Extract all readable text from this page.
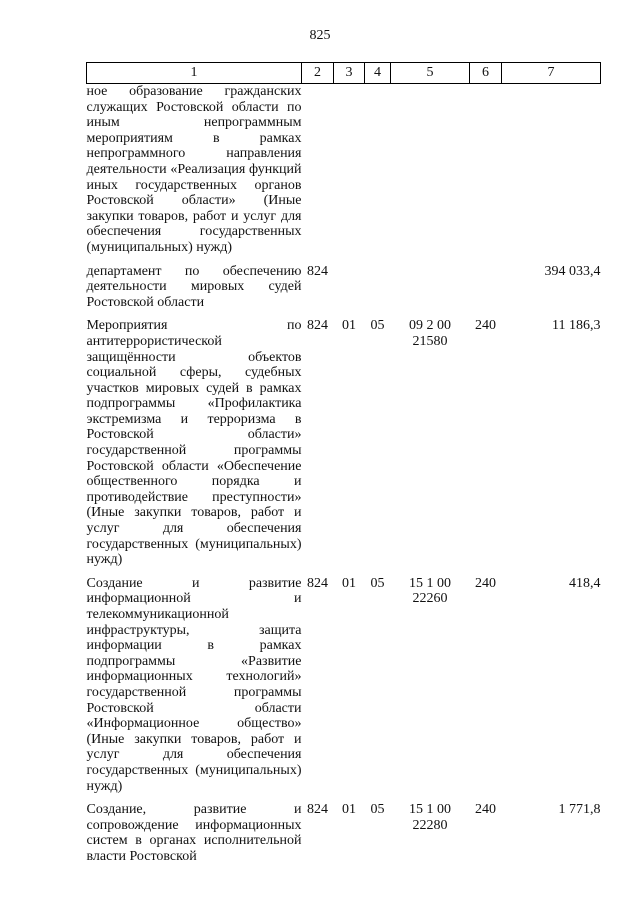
825
1	2	3	4	5	6	7
ное образование гражданских служащих Ростовской области по иным непрограммным мероприятиям в рамках непрограммного направления деятельности «Реализация функций иных государственных органов Ростовской области» (Иные закупки товаров, работ и услуг для обеспечения государственных (муниципальных) нужд)						
департамент по обеспечению деятельности мировых судей Ростовской области	824					394 033,4
Мероприятия по антитеррористической защищённости объектов социальной сферы, судебных участков мировых судей в рамках подпрограммы «Профилактика экстремизма и терроризма в Ростовской области» государственной программы Ростовской области «Обеспечение общественного порядка и противодействие преступности» (Иные закупки товаров, работ и услуг для обеспечения государственных (муниципальных) нужд)	824	01	05	09 2 00 21580	240	11 186,3
Создание и развитие информационной и телекоммуникационной инфраструктуры, защита информации в рамках подпрограммы «Развитие информационных технологий» государственной программы Ростовской области «Информационное общество» (Иные закупки товаров, работ и услуг для обеспечения государственных (муниципальных) нужд)	824	01	05	15 1 00 22260	240	418,4
Создание, развитие и сопровождение информационных систем в органах исполнительной власти Ростовской	824	01	05	15 1 00 22280	240	1 771,8
